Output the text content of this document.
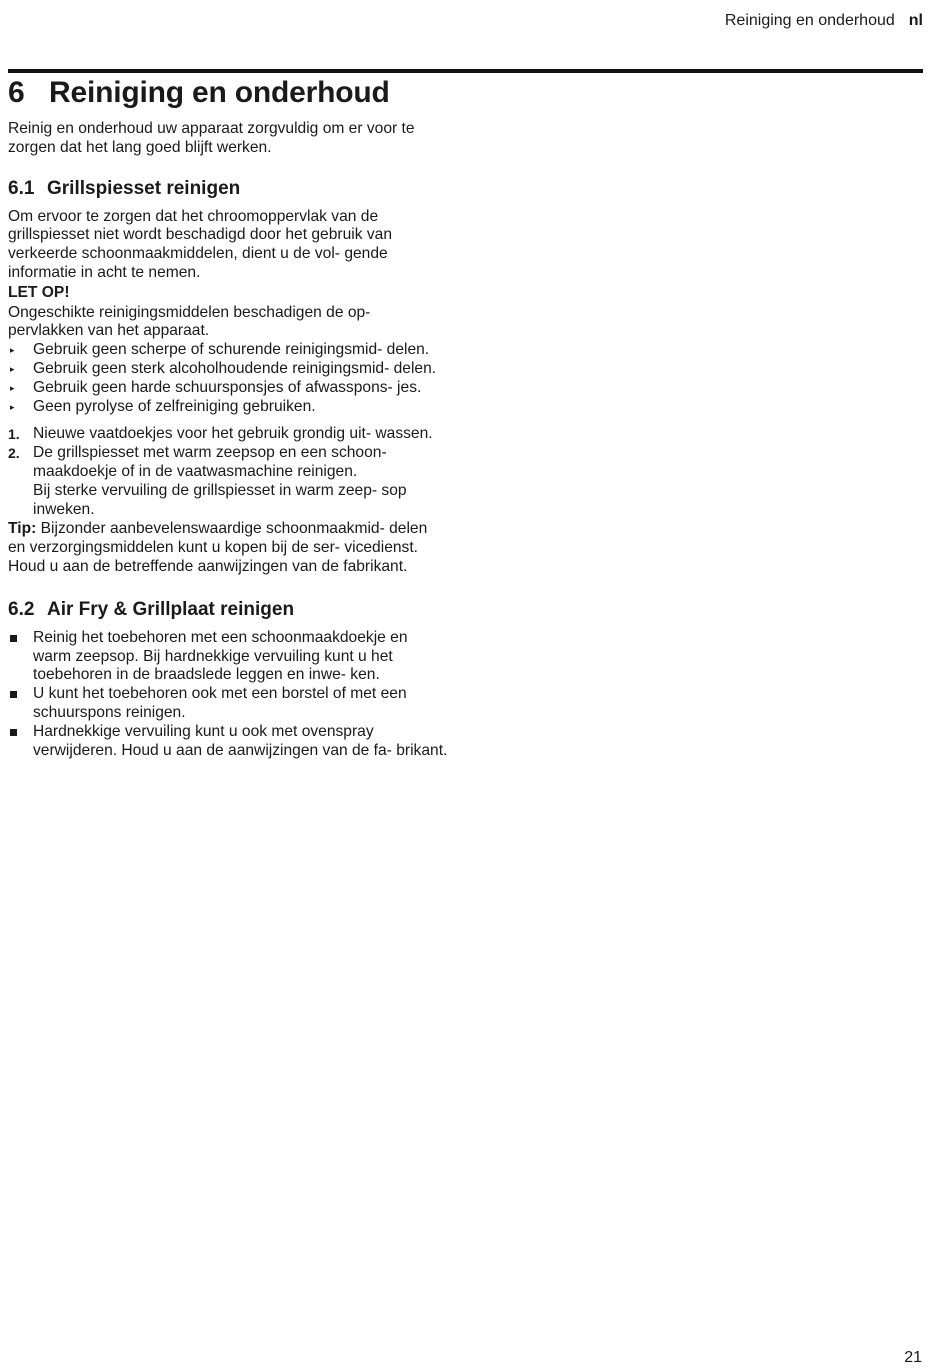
Reiniging en onderhoud nl
6 Reiniging en onderhoud

Reinig en onderhoud uw apparaat zorgvuldig om er voor te zorgen dat het lang goed blijft werken.

6.1 Grillspiesset reinigen

Om ervoor te zorgen dat het chroomoppervlak van de grillspiesset niet wordt beschadigd door het gebruik van verkeerde schoonmaakmiddelen, dient u de vol- gende informatie in acht te nemen.

LET OP!

Ongeschikte reinigingsmiddelen beschadigen de op- pervlakken van het apparaat.

▸ Gebruik geen scherpe of schurende reinigingsmid- delen.
▸ Gebruik geen sterk alcoholhoudende reinigingsmid- delen.
▸ Gebruik geen harde schuursponsjes of afwasspons- jes.
▸ Geen pyrolyse of zelfreiniging gebruiken.
1. Nieuwe vaatdoekjes voor het gebruik grondig uit- wassen.
2. De grillspiesset met warm zeepsop en een schoon- maakdoekje of in de vaatwasmachine reinigen.
Bij sterke vervuiling de grillspiesset in warm zeep- sop inweken.

Tip: Bijzonder aanbevelenswaardige schoonmaakmid- delen en verzorgingsmiddelen kunt u kopen bij de ser- vicedienst. Houd u aan de betreffende aanwijzingen van de fabrikant.

6.2 Air Fry & Grillplaat reinigen
Reinig het toebehoren met een schoonmaakdoekje en warm zeepsop. Bij hardnekkige vervuiling kunt u het toebehoren in de braadslede leggen en inwe- ken.
U kunt het toebehoren ook met een borstel of met een schuurspons reinigen.
Hardnekkige vervuiling kunt u ook met ovenspray verwijderen. Houd u aan de aanwijzingen van de fa- brikant.
21
